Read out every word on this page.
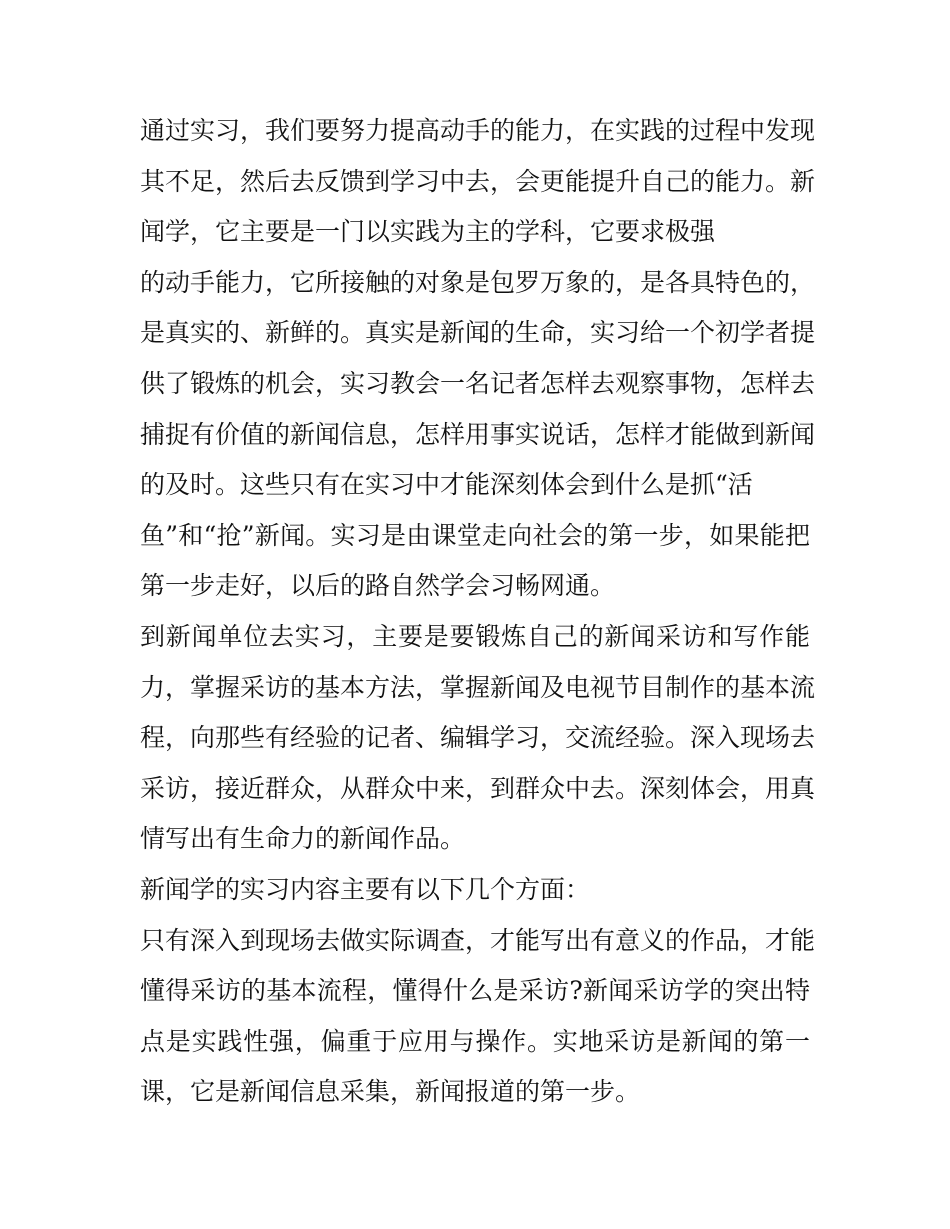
通过实习，我们要努力提高动手的能力，在实践的过程中发现
其不足，然后去反馈到学习中去，会更能提升自己的能力。新
闻学，它主要是一门以实践为主的学科，它要求极强
的动手能力，它所接触的对象是包罗万象的，是各具特色的，
是真实的、新鲜的。真实是新闻的生命，实习给一个初学者提
供了锻炼的机会，实习教会一名记者怎样去观察事物，怎样去
捕捉有价值的新闻信息，怎样用事实说话，怎样才能做到新闻
的及时。这些只有在实习中才能深刻体会到什么是抓“活
鱼”和“抢”新闻。实习是由课堂走向社会的第一步，如果能把
第一步走好，以后的路自然学会习畅网通。
到新闻单位去实习，主要是要锻炼自己的新闻采访和写作能
力，掌握采访的基本方法，掌握新闻及电视节目制作的基本流
程，向那些有经验的记者、编辑学习，交流经验。深入现场去
采访，接近群众，从群众中来，到群众中去。深刻体会，用真
情写出有生命力的新闻作品。
新闻学的实习内容主要有以下几个方面：
只有深入到现场去做实际调查，才能写出有意义的作品，才能
懂得采访的基本流程，懂得什么是采访?新闻采访学的突出特
点是实践性强，偏重于应用与操作。实地采访是新闻的第一
课，它是新闻信息采集，新闻报道的第一步。
